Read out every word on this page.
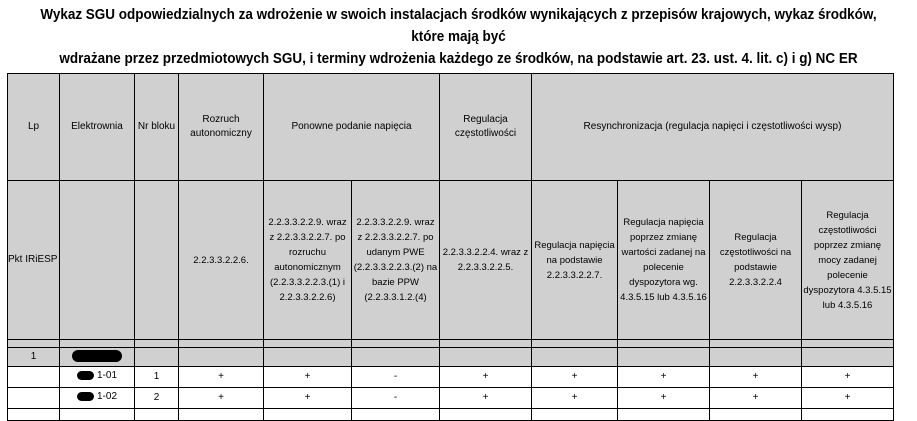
Wykaz SGU odpowiedzialnych za wdrożenie w swoich instalacjach środków wynikających z przepisów krajowych, wykaz środków, które mają być
wdrażane przez przedmiotowych SGU, i terminy wdrożenia każdego ze środków, na podstawie art. 23. ust. 4. lit. c) i g) NC ER
Lp	Elektrownia	Nr bloku	Rozruch autonomiczny	Ponowne podanie napięcia		Regulacja częstotliwości	Resynchronizacja (regulacja napięci i częstotliwości wysp)			
Pkt IRiESP			2.2.3.3.2.2.6.	2.2.3.3.2.2.9. wraz z 2.2.3.3.2.2.7. po rozruchu autonomicznym (2.2.3.3.2.2.3.(1) i 2.2.3.3.2.2.6)	2.2.3.3.2.2.9. wraz z 2.2.3.3.2.2.7. po udanym PWE (2.2.3.3.2.2.3.(2) na bazie PPW (2.2.3.3.1.2.(4)	2.2.3.3.2.2.4. wraz z 2.2.3.3.2.2.5.	Regulacja napięcia na podstawie 2.2.3.3.2.2.7.	Regulacja napięcia poprzez zmianę wartości zadanej na polecenie dyspozytora wg. 4.3.5.15 lub 4.3.5.16	Regulacja częstotliwości na podstawie 2.2.3.3.2.2.4	Regulacja częstotliwości poprzez zmianę mocy zadanej polecenie dyspozytora 4.3.5.15 lub 4.3.5.16

1										

	1-01	1	+	+	-	+	+	+	+	+

	1-02	2	+	+	-	+	+	+	+	+
